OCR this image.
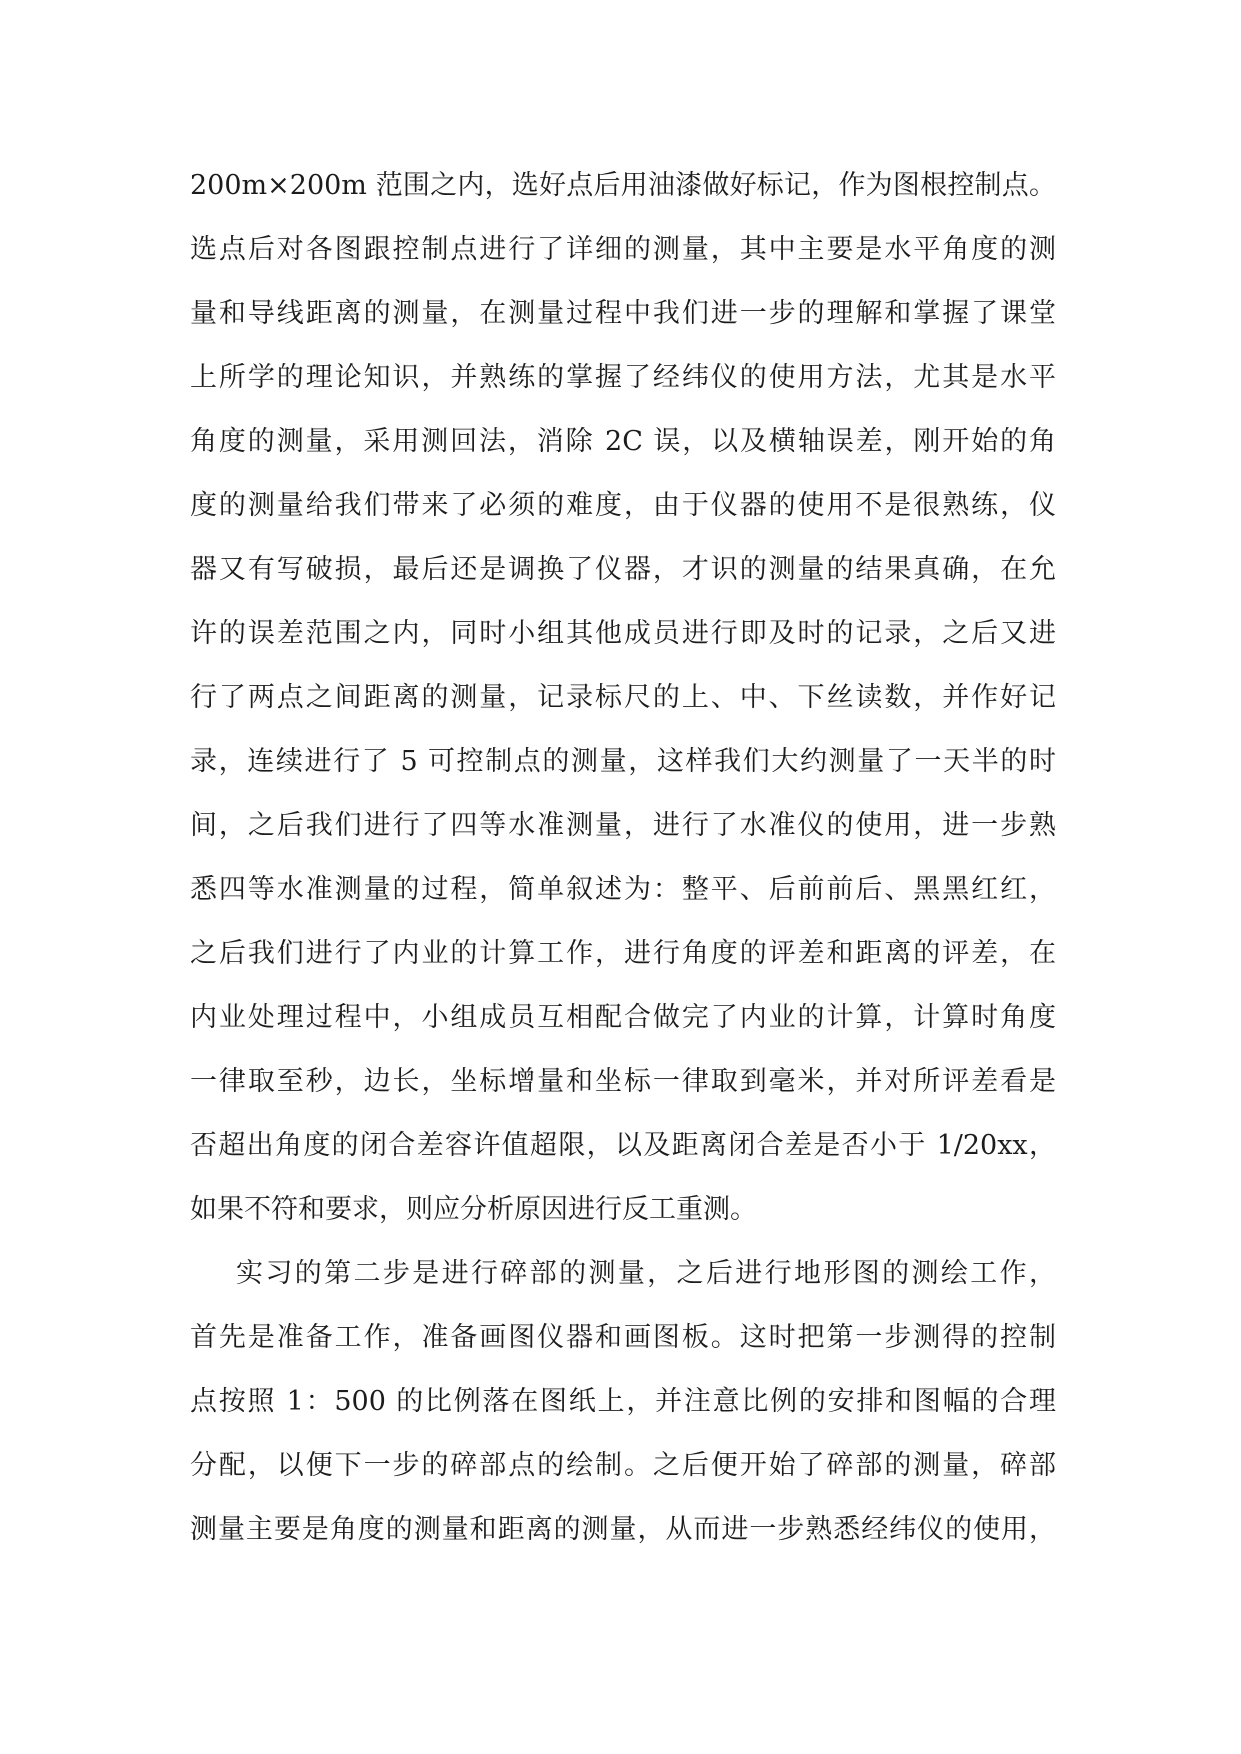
200m×200m 范围之内，选好点后用油漆做好标记，作为图根控制点。
选点后对各图跟控制点进行了详细的测量，其中主要是水平角度的测
量和导线距离的测量，在测量过程中我们进一步的理解和掌握了课堂
上所学的理论知识，并熟练的掌握了经纬仪的使用方法，尤其是水平
角度的测量，采用测回法，消除 2C 误，以及横轴误差，刚开始的角
度的测量给我们带来了必须的难度，由于仪器的使用不是很熟练，仪
器又有写破损，最后还是调换了仪器，才识的测量的结果真确，在允
许的误差范围之内，同时小组其他成员进行即及时的记录，之后又进
行了两点之间距离的测量，记录标尺的上、中、下丝读数，并作好记
录，连续进行了 5 可控制点的测量，这样我们大约测量了一天半的时
间，之后我们进行了四等水准测量，进行了水准仪的使用，进一步熟
悉四等水准测量的过程，简单叙述为：整平、后前前后、黑黑红红，
之后我们进行了内业的计算工作，进行角度的评差和距离的评差，在
内业处理过程中，小组成员互相配合做完了内业的计算，计算时角度
一律取至秒，边长，坐标增量和坐标一律取到毫米，并对所评差看是
否超出角度的闭合差容许值超限，以及距离闭合差是否小于 1/20xx，
如果不符和要求，则应分析原因进行反工重测。
实习的第二步是进行碎部的测量，之后进行地形图的测绘工作，
首先是准备工作，准备画图仪器和画图板。这时把第一步测得的控制
点按照 1：500 的比例落在图纸上，并注意比例的安排和图幅的合理
分配，以便下一步的碎部点的绘制。之后便开始了碎部的测量，碎部
测量主要是角度的测量和距离的测量，从而进一步熟悉经纬仪的使用，
